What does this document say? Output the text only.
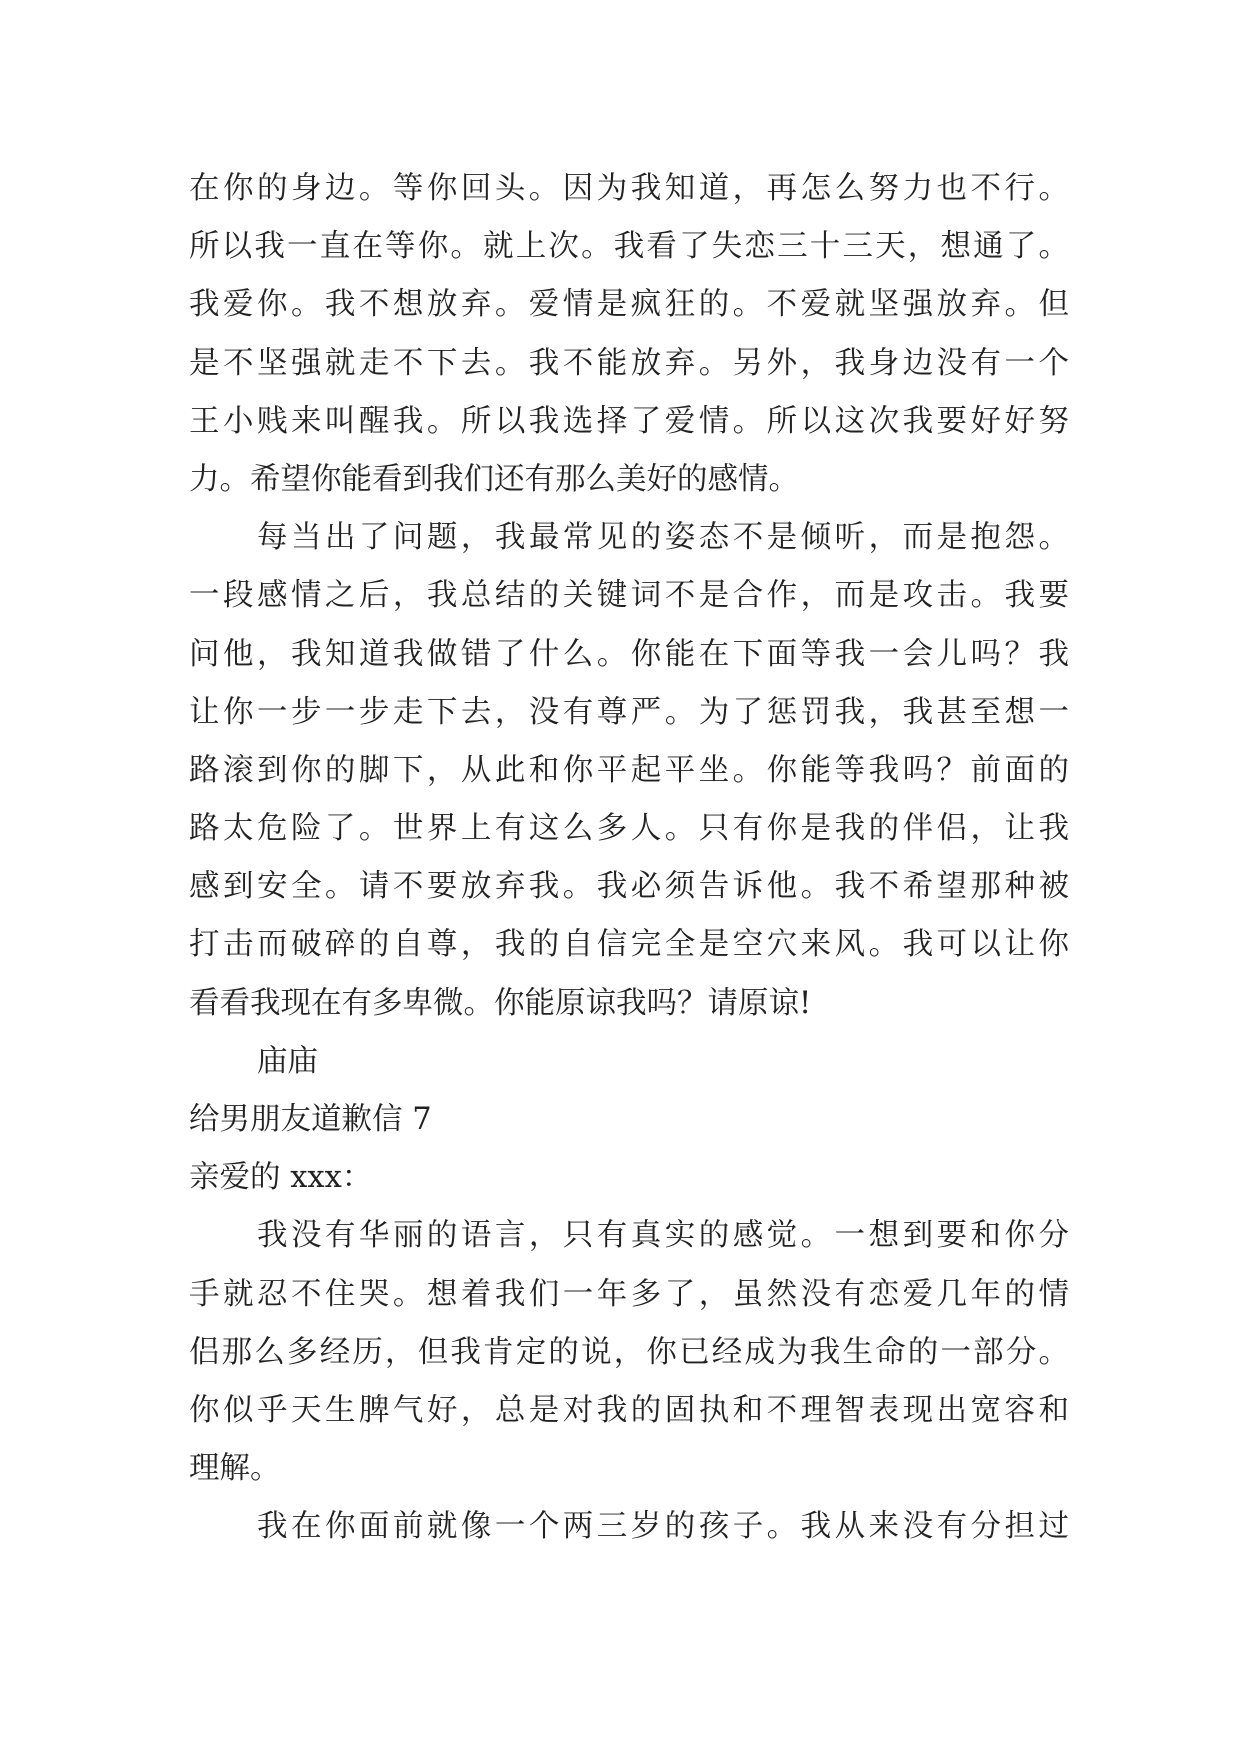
在你的身边。等你回头。因为我知道，再怎么努力也不行。
所以我一直在等你。就上次。我看了失恋三十三天，想通了。
我爱你。我不想放弃。爱情是疯狂的。不爱就坚强放弃。但
是不坚强就走不下去。我不能放弃。另外，我身边没有一个
王小贱来叫醒我。所以我选择了爱情。所以这次我要好好努
力。希望你能看到我们还有那么美好的感情。
每当出了问题，我最常见的姿态不是倾听，而是抱怨。
一段感情之后，我总结的关键词不是合作，而是攻击。我要
问他，我知道我做错了什么。你能在下面等我一会儿吗？我
让你一步一步走下去，没有尊严。为了惩罚我，我甚至想一
路滚到你的脚下，从此和你平起平坐。你能等我吗？前面的
路太危险了。世界上有这么多人。只有你是我的伴侣，让我
感到安全。请不要放弃我。我必须告诉他。我不希望那种被
打击而破碎的自尊，我的自信完全是空穴来风。我可以让你
看看我现在有多卑微。你能原谅我吗？请原谅!
庙庙
给男朋友道歉信 7
亲爱的 xxx：
我没有华丽的语言，只有真实的感觉。一想到要和你分
手就忍不住哭。想着我们一年多了，虽然没有恋爱几年的情
侣那么多经历，但我肯定的说，你已经成为我生命的一部分。
你似乎天生脾气好，总是对我的固执和不理智表现出宽容和
理解。
我在你面前就像一个两三岁的孩子。我从来没有分担过
